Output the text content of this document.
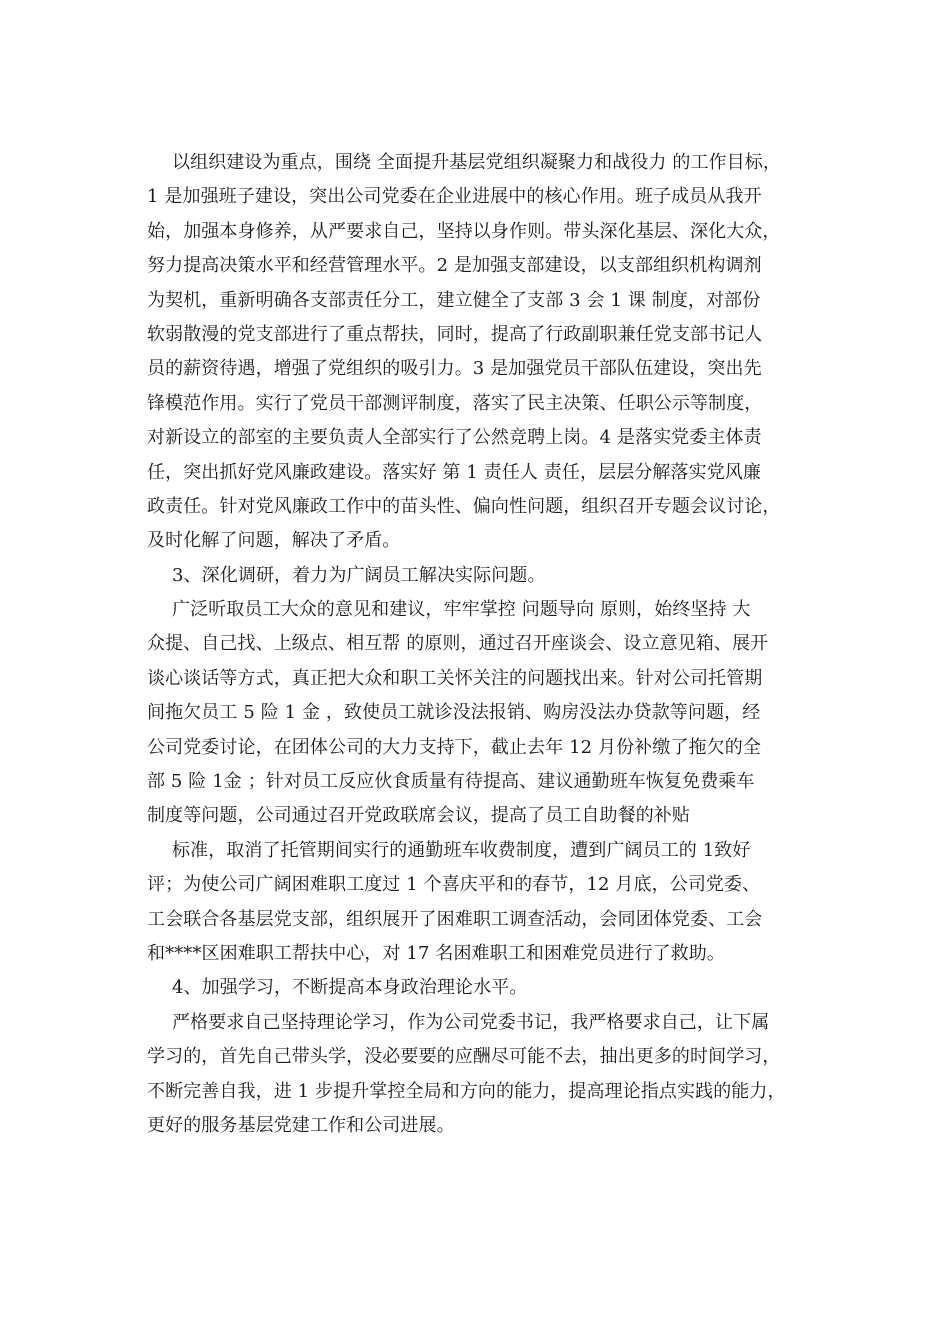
以组织建设为重点，围绕 全面提升基层党组织凝聚力和战役力 的工作目标，
1 是加强班子建设，突出公司党委在企业进展中的核心作用。班子成员从我开
始，加强本身修养，从严要求自己，坚持以身作则。带头深化基层、深化大众，
努力提高决策水平和经营管理水平。2 是加强支部建设，以支部组织机构调剂
为契机，重新明确各支部责任分工，建立健全了支部 3 会 1 课 制度，对部份
软弱散漫的党支部进行了重点帮扶，同时，提高了行政副职兼任党支部书记人
员的薪资待遇，增强了党组织的吸引力。3 是加强党员干部队伍建设，突出先
锋模范作用。实行了党员干部测评制度，落实了民主决策、任职公示等制度，
对新设立的部室的主要负责人全部实行了公然竞聘上岗。4 是落实党委主体责
任，突出抓好党风廉政建设。落实好 第 1 责任人 责任，层层分解落实党风廉
政责任。针对党风廉政工作中的苗头性、偏向性问题，组织召开专题会议讨论，
及时化解了问题，解决了矛盾。
3、深化调研，着力为广阔员工解决实际问题。
广泛听取员工大众的意见和建议，牢牢掌控 问题导向 原则，始终坚持 大
众提、自己找、上级点、相互帮 的原则，通过召开座谈会、设立意见箱、展开
谈心谈话等方式，真正把大众和职工关怀关注的问题找出来。针对公司托管期
间拖欠员工 5 险 1 金 ，致使员工就诊没法报销、购房没法办贷款等问题，经
公司党委讨论，在团体公司的大力支持下，截止去年 12 月份补缴了拖欠的全
部 5 险 1金 ；针对员工反应伙食质量有待提高、建议通勤班车恢复免费乘车
制度等问题，公司通过召开党政联席会议，提高了员工自助餐的补贴
标准，取消了托管期间实行的通勤班车收费制度，遭到广阔员工的 1致好
评；为使公司广阔困难职工度过 1 个喜庆平和的春节，12 月底，公司党委、
工会联合各基层党支部，组织展开了困难职工调查活动，会同团体党委、工会
和****区困难职工帮扶中心，对 17 名困难职工和困难党员进行了救助。
4、加强学习，不断提高本身政治理论水平。
严格要求自己坚持理论学习，作为公司党委书记，我严格要求自己，让下属
学习的，首先自己带头学，没必要要的应酬尽可能不去，抽出更多的时间学习，
不断完善自我，进 1 步提升掌控全局和方向的能力，提高理论指点实践的能力，
更好的服务基层党建工作和公司进展。
